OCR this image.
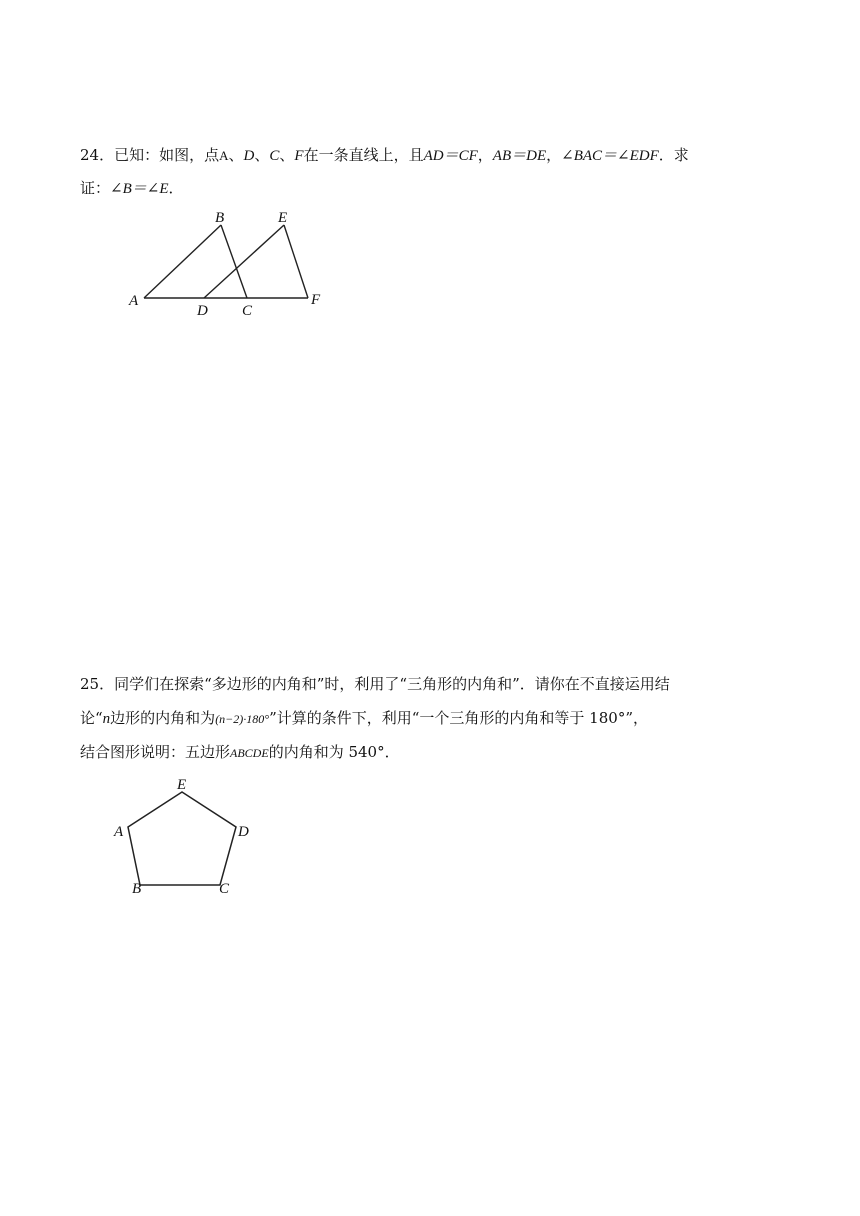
24．已知：如图，点A、D、C、F在一条直线上，且AD＝CF，AB＝DE，∠BAC＝∠EDF．求
证：∠B＝∠E．
A
B	E
D C
F
25．同学们在探索“多边形的内角和”时，利用了“三角形的内角和”．请你在不直接运用结
论“n边形的内角和为(n−2)·180°”计算的条件下，利用“一个三角形的内角和等于 180°”，
结合图形说明：五边形ABCDE的内角和为 540°．
E
A	D
B	C
